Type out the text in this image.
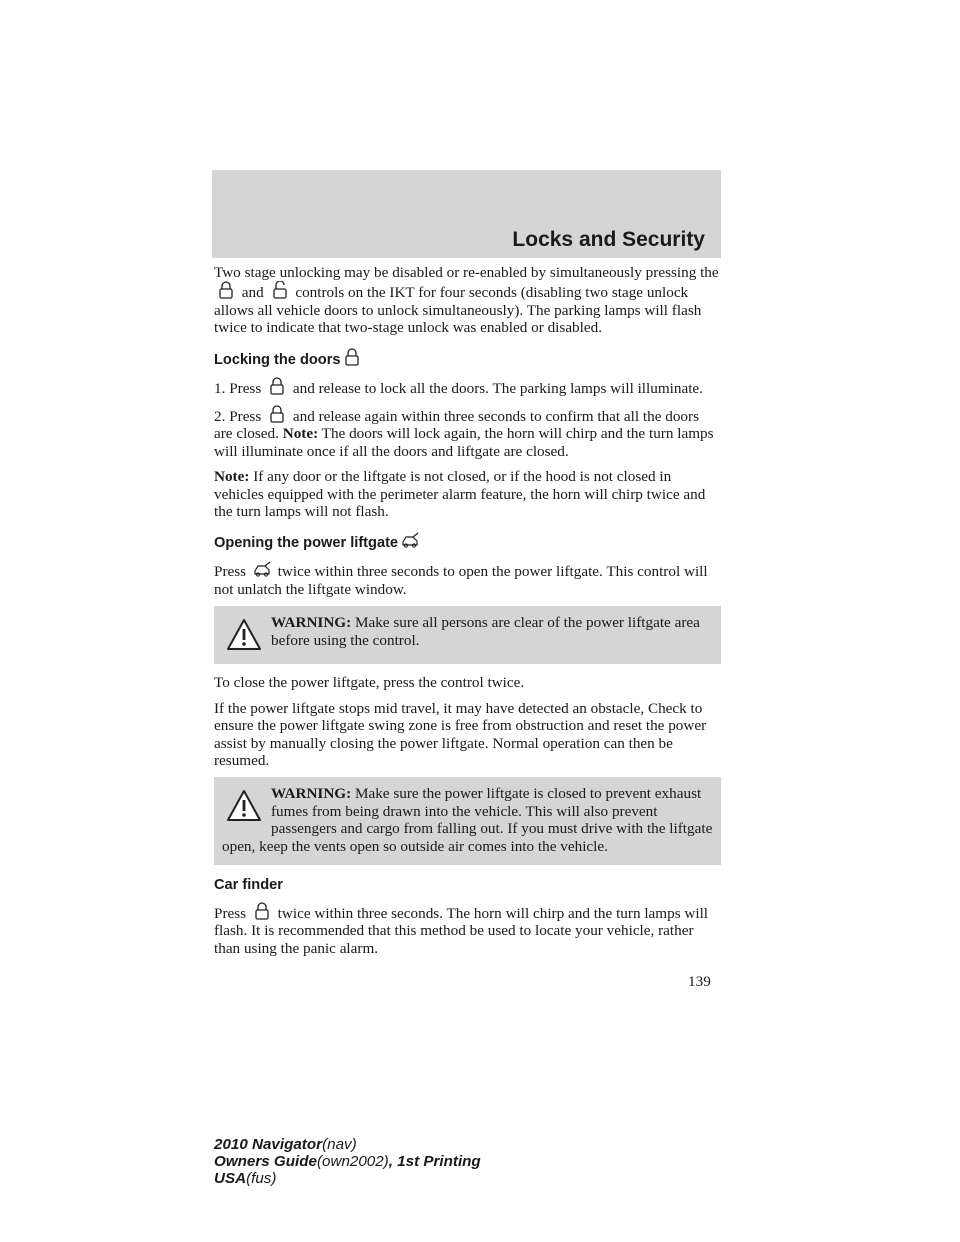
Locks and Security

Two stage unlocking may be disabled or re-enabled by simultaneously pressing the
and
controls on the IKT for four seconds (disabling two stage unlock allows all vehicle doors to unlock simultaneously). The parking lamps will flash twice to indicate that two-stage unlock was enabled or disabled.

Locking the doors

1. Press
and release to lock all the doors. The parking lamps will illuminate.

2. Press
and release again within three seconds to confirm that all the doors are closed. Note: The doors will lock again, the horn will chirp and the turn lamps will illuminate once if all the doors and liftgate are closed.

Note: If any door or the liftgate is not closed, or if the hood is not closed in vehicles equipped with the perimeter alarm feature, the horn will chirp twice and the turn lamps will not flash.

Opening the power liftgate

Press
twice within three seconds to open the power liftgate. This control will not unlatch the liftgate window.

WARNING: Make sure all persons are clear of the power liftgate area before using the control.

To close the power liftgate, press the control twice.

If the power liftgate stops mid travel, it may have detected an obstacle, Check to ensure the power liftgate swing zone is free from obstruction and reset the power assist by manually closing the power liftgate. Normal operation can then be resumed.

WARNING: Make sure the power liftgate is closed to prevent exhaust fumes from being drawn into the vehicle. This will also prevent passengers and cargo from falling out. If you must drive with the liftgate open, keep the vents open so outside air comes into the vehicle.
Car finder

Press
twice within three seconds. The horn will chirp and the turn lamps will flash. It is recommended that this method be used to locate your vehicle, rather than using the panic alarm.

139
2010 Navigator(nav)
Owners Guide(own2002), 1st Printing
USA(fus)
